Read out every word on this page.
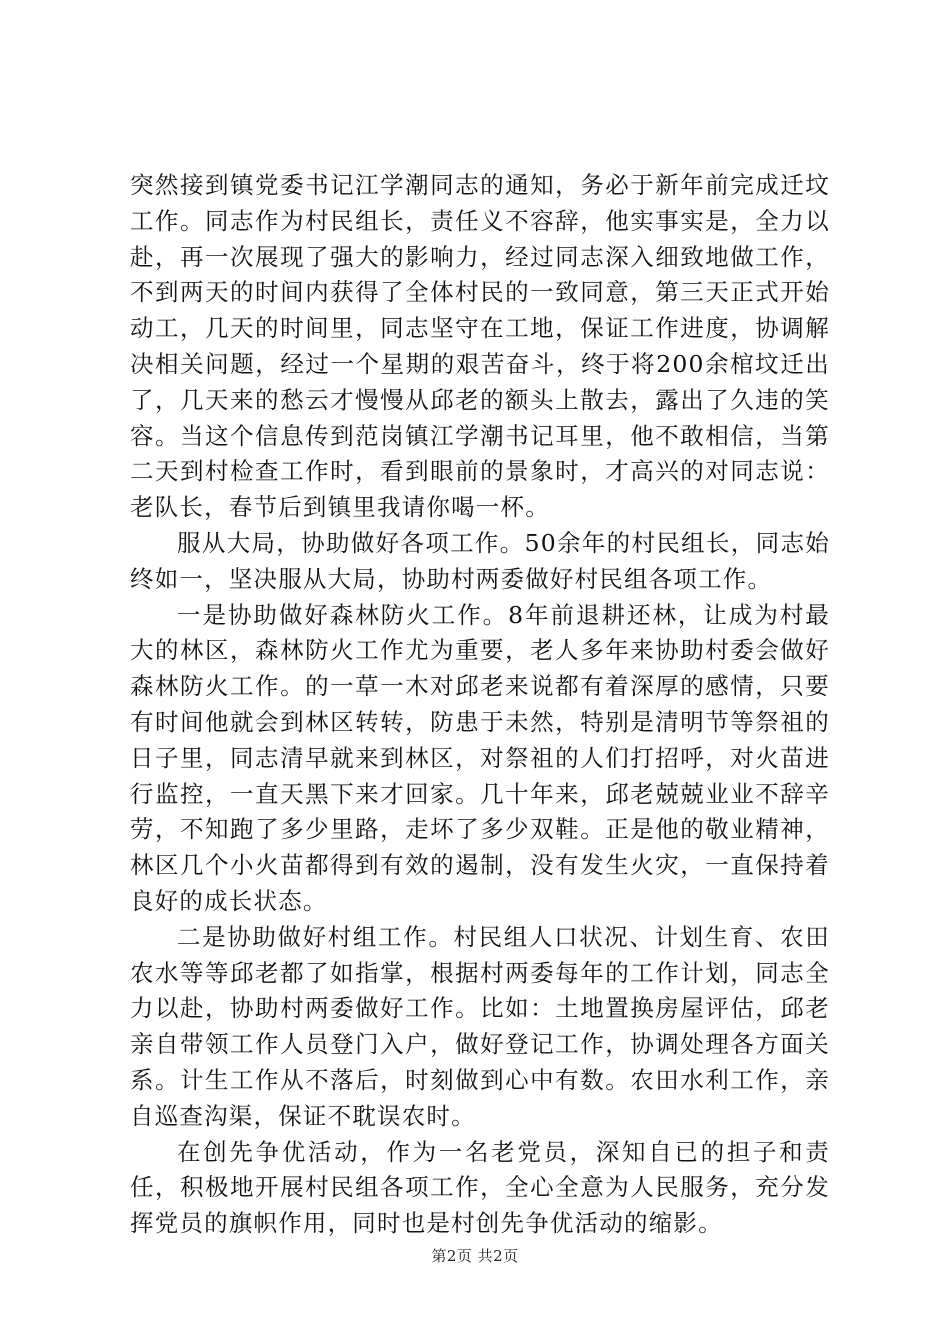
突然接到镇党委书记江学潮同志的通知，务必于新年前完成迁坟工作。同志作为村民组长，责任义不容辞，他实事实是，全力以赴，再一次展现了强大的影响力，经过同志深入细致地做工作，不到两天的时间内获得了全体村民的一致同意，第三天正式开始动工，几天的时间里，同志坚守在工地，保证工作进度，协调解决相关问题，经过一个星期的艰苦奋斗，终于将200余棺坟迁出了，几天来的愁云才慢慢从邱老的额头上散去，露出了久违的笑容。当这个信息传到范岗镇江学潮书记耳里，他不敢相信，当第二天到村检查工作时，看到眼前的景象时，才高兴的对同志说：老队长，春节后到镇里我请你喝一杯。

服从大局，协助做好各项工作。50余年的村民组长，同志始终如一，坚决服从大局，协助村两委做好村民组各项工作。

一是协助做好森林防火工作。8年前退耕还林，让成为村最大的林区，森林防火工作尤为重要，老人多年来协助村委会做好森林防火工作。的一草一木对邱老来说都有着深厚的感情，只要有时间他就会到林区转转，防患于未然，特别是清明节等祭祖的日子里，同志清早就来到林区，对祭祖的人们打招呼，对火苗进行监控，一直天黑下来才回家。几十年来，邱老兢兢业业不辞辛劳，不知跑了多少里路，走坏了多少双鞋。正是他的敬业精神，林区几个小火苗都得到有效的遏制，没有发生火灾，一直保持着良好的成长状态。

二是协助做好村组工作。村民组人口状况、计划生育、农田农水等等邱老都了如指掌，根据村两委每年的工作计划，同志全力以赴，协助村两委做好工作。比如：土地置换房屋评估，邱老亲自带领工作人员登门入户，做好登记工作，协调处理各方面关系。计生工作从不落后，时刻做到心中有数。农田水利工作，亲自巡查沟渠，保证不耽误农时。

在创先争优活动，作为一名老党员，深知自已的担子和责任，积极地开展村民组各项工作，全心全意为人民服务，充分发挥党员的旗帜作用，同时也是村创先争优活动的缩影。

第2页 共2页
